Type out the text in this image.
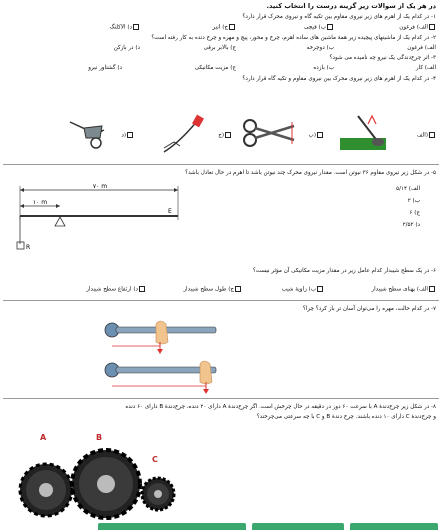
در هر یک از سوالات زیر گزینه درست را انتخاب کنید.
۱- در کدام یک از اهرم های زیر نیروی مقاوم بین تکیه گاه و نیروی محرک قرار دارد؟
الف) فرغون
ب) قیچی
ج) انبر
د) الاکلنگ
۲- در کدام یک از ماشینهای پیچیده زیر همهٔ ماشین های ساده اهرم، چرخ و محور، پیچ و مهره و چرخ دنده به کار رفته است؟
الف) فرغون
ب) دوچرخه
ج) بالابر برقی
د) در بازکن
۳- اثر چرخ‌دندگی یک نیرو چه نامیده می شود؟
الف) کار
ب) بازده
ج) مزیت مکانیکی
د) گشتاور نیرو
۴- در کدام یک از اهرم های زیر نیروی محرک بین نیروی مقاوم و تکیه گاه قرار دارد؟
الف)
ب)
ج)
د)
۵- در شکل زیر نیروی مقاوم ۳۶ نیوتن است. مقدار نیروی محرک چند نیوتن باشد تا اهرم در حال تعادل باشد؟
الف) ۵/۱۴
ب) ۲
ج) ۶
د) ۲/۵۲
۷۰ m
۱۰ m
E
R
۶- در یک سطح شیبدار کدام عامل زیر در مقدار مزیت مکانیکی آن مؤثر نیست؟
الف) پهنای سطح شیبدار
ب) زاویهٔ شیب
ج) طول سطح شیبدار
د) ارتفاع سطح شیبدار
۷- در کدام حالت، مهره را می‌توان آسان تر باز کرد؟ چرا؟
۸- در شکل زیر چرخ‌دندهٔ A با سرعت ۶۰ دور در دقیقه در حال چرخش است. اگر چرخ‌دندهٔ A دارای ۲۰ دنده، چرخ‌دندهٔ B دارای ۶۰ دنده
و چرخ‌دندهٔ C دارای ۱۰ دنده باشند. چرخ دندهٔ B و C با چه سرعتی می‌چرخند؟
A	B
C
